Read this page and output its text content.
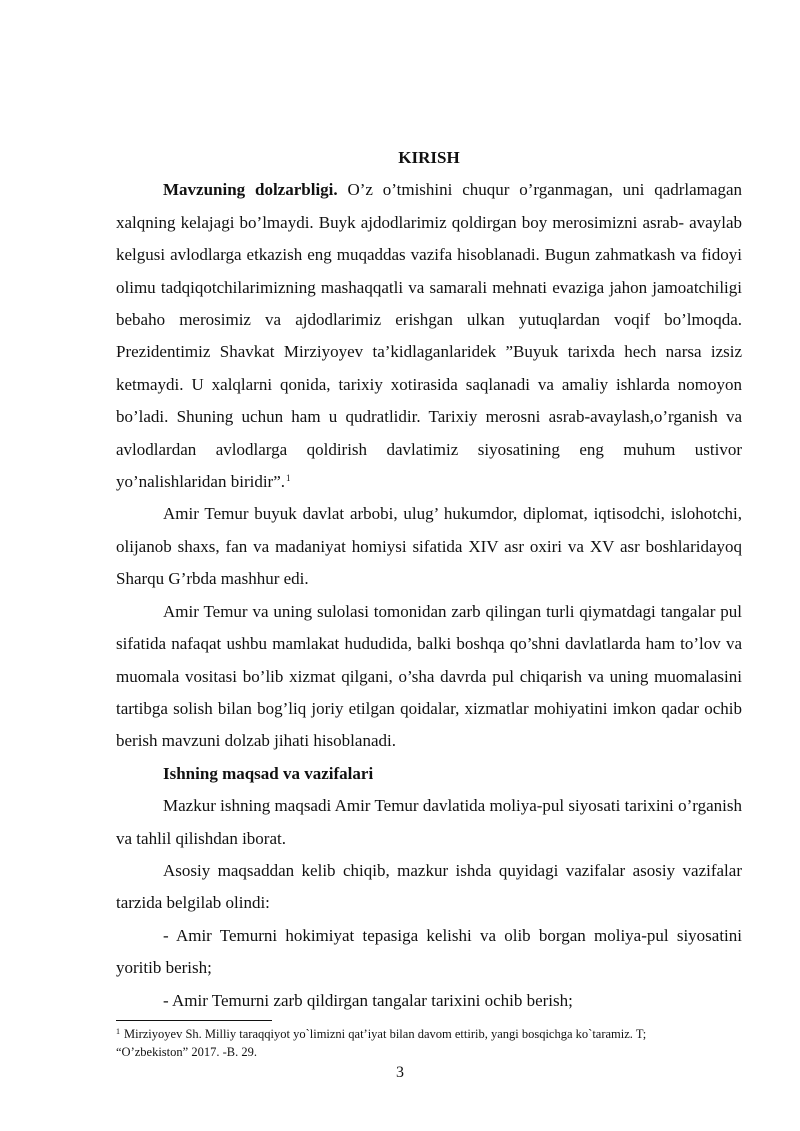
KIRISH

Mavzuning dolzarbligi. O’z o’tmishini chuqur o’rganmagan, uni qadrlamagan xalqning kelajagi bo’lmaydi. Buyk ajdodlarimiz qoldirgan boy merosimizni asrab- avaylab kelgusi avlodlarga etkazish eng muqaddas vazifa hisoblanadi. Bugun zahmatkash va fidoyi olimu tadqiqotchilarimizning mashaqqatli va samarali mehnati evaziga jahon jamoatchiligi bebaho merosimiz va ajdodlarimiz erishgan ulkan yutuqlardan voqif bo’lmoqda. Prezidentimiz Shavkat Mirziyoyev ta’kidlaganlaridek ”Buyuk tarixda hech narsa izsiz ketmaydi. U xalqlarni qonida, tarixiy xotirasida saqlanadi va amaliy ishlarda nomoyon bo’ladi. Shuning uchun ham u qudratlidir. Tarixiy merosni asrab-avaylash,o’rganish va avlodlardan avlodlarga qoldirish davlatimiz siyosatining eng muhum ustivor yo’nalishlaridan biridir”.$^1$

Amir Temur buyuk davlat arbobi, ulug’ hukumdor, diplomat, iqtisodchi, islohotchi, olijanob shaxs, fan va madaniyat homiysi sifatida XIV asr oxiri va XV asr boshlaridayoq Sharqu G’rbda mashhur edi.

Amir Temur va uning sulolasi tomonidan zarb qilingan turli qiymatdagi tangalar pul sifatida nafaqat ushbu mamlakat hududida, balki boshqa qo’shni davlatlarda ham to’lov va muomala vositasi bo’lib xizmat qilgani, o’sha davrda pul chiqarish va uning muomalasini tartibga solish bilan bog’liq joriy etilgan qoidalar, xizmatlar mohiyatini imkon qadar ochib berish mavzuni dolzab jihati hisoblanadi.

Ishning maqsad va vazifalari

Mazkur ishning maqsadi Amir Temur davlatida moliya-pul siyosati tarixini o’rganish va tahlil qilishdan iborat.

Asosiy maqsaddan kelib chiqib, mazkur ishda quyidagi vazifalar asosiy vazifalar tarzida belgilab olindi:

- Amir Temurni hokimiyat tepasiga kelishi va olib borgan moliya-pul siyosatini yoritib berish;

- Amir Temurni zarb qildirgan tangalar tarixini ochib berish;

$^1$ Mirziyoyev Sh. Milliy taraqqiyot yo`limizni qat’iyat bilan davom ettirib, yangi bosqichga ko`taramiz. T;
“O’zbekiston” 2017. -B. 29.
3
